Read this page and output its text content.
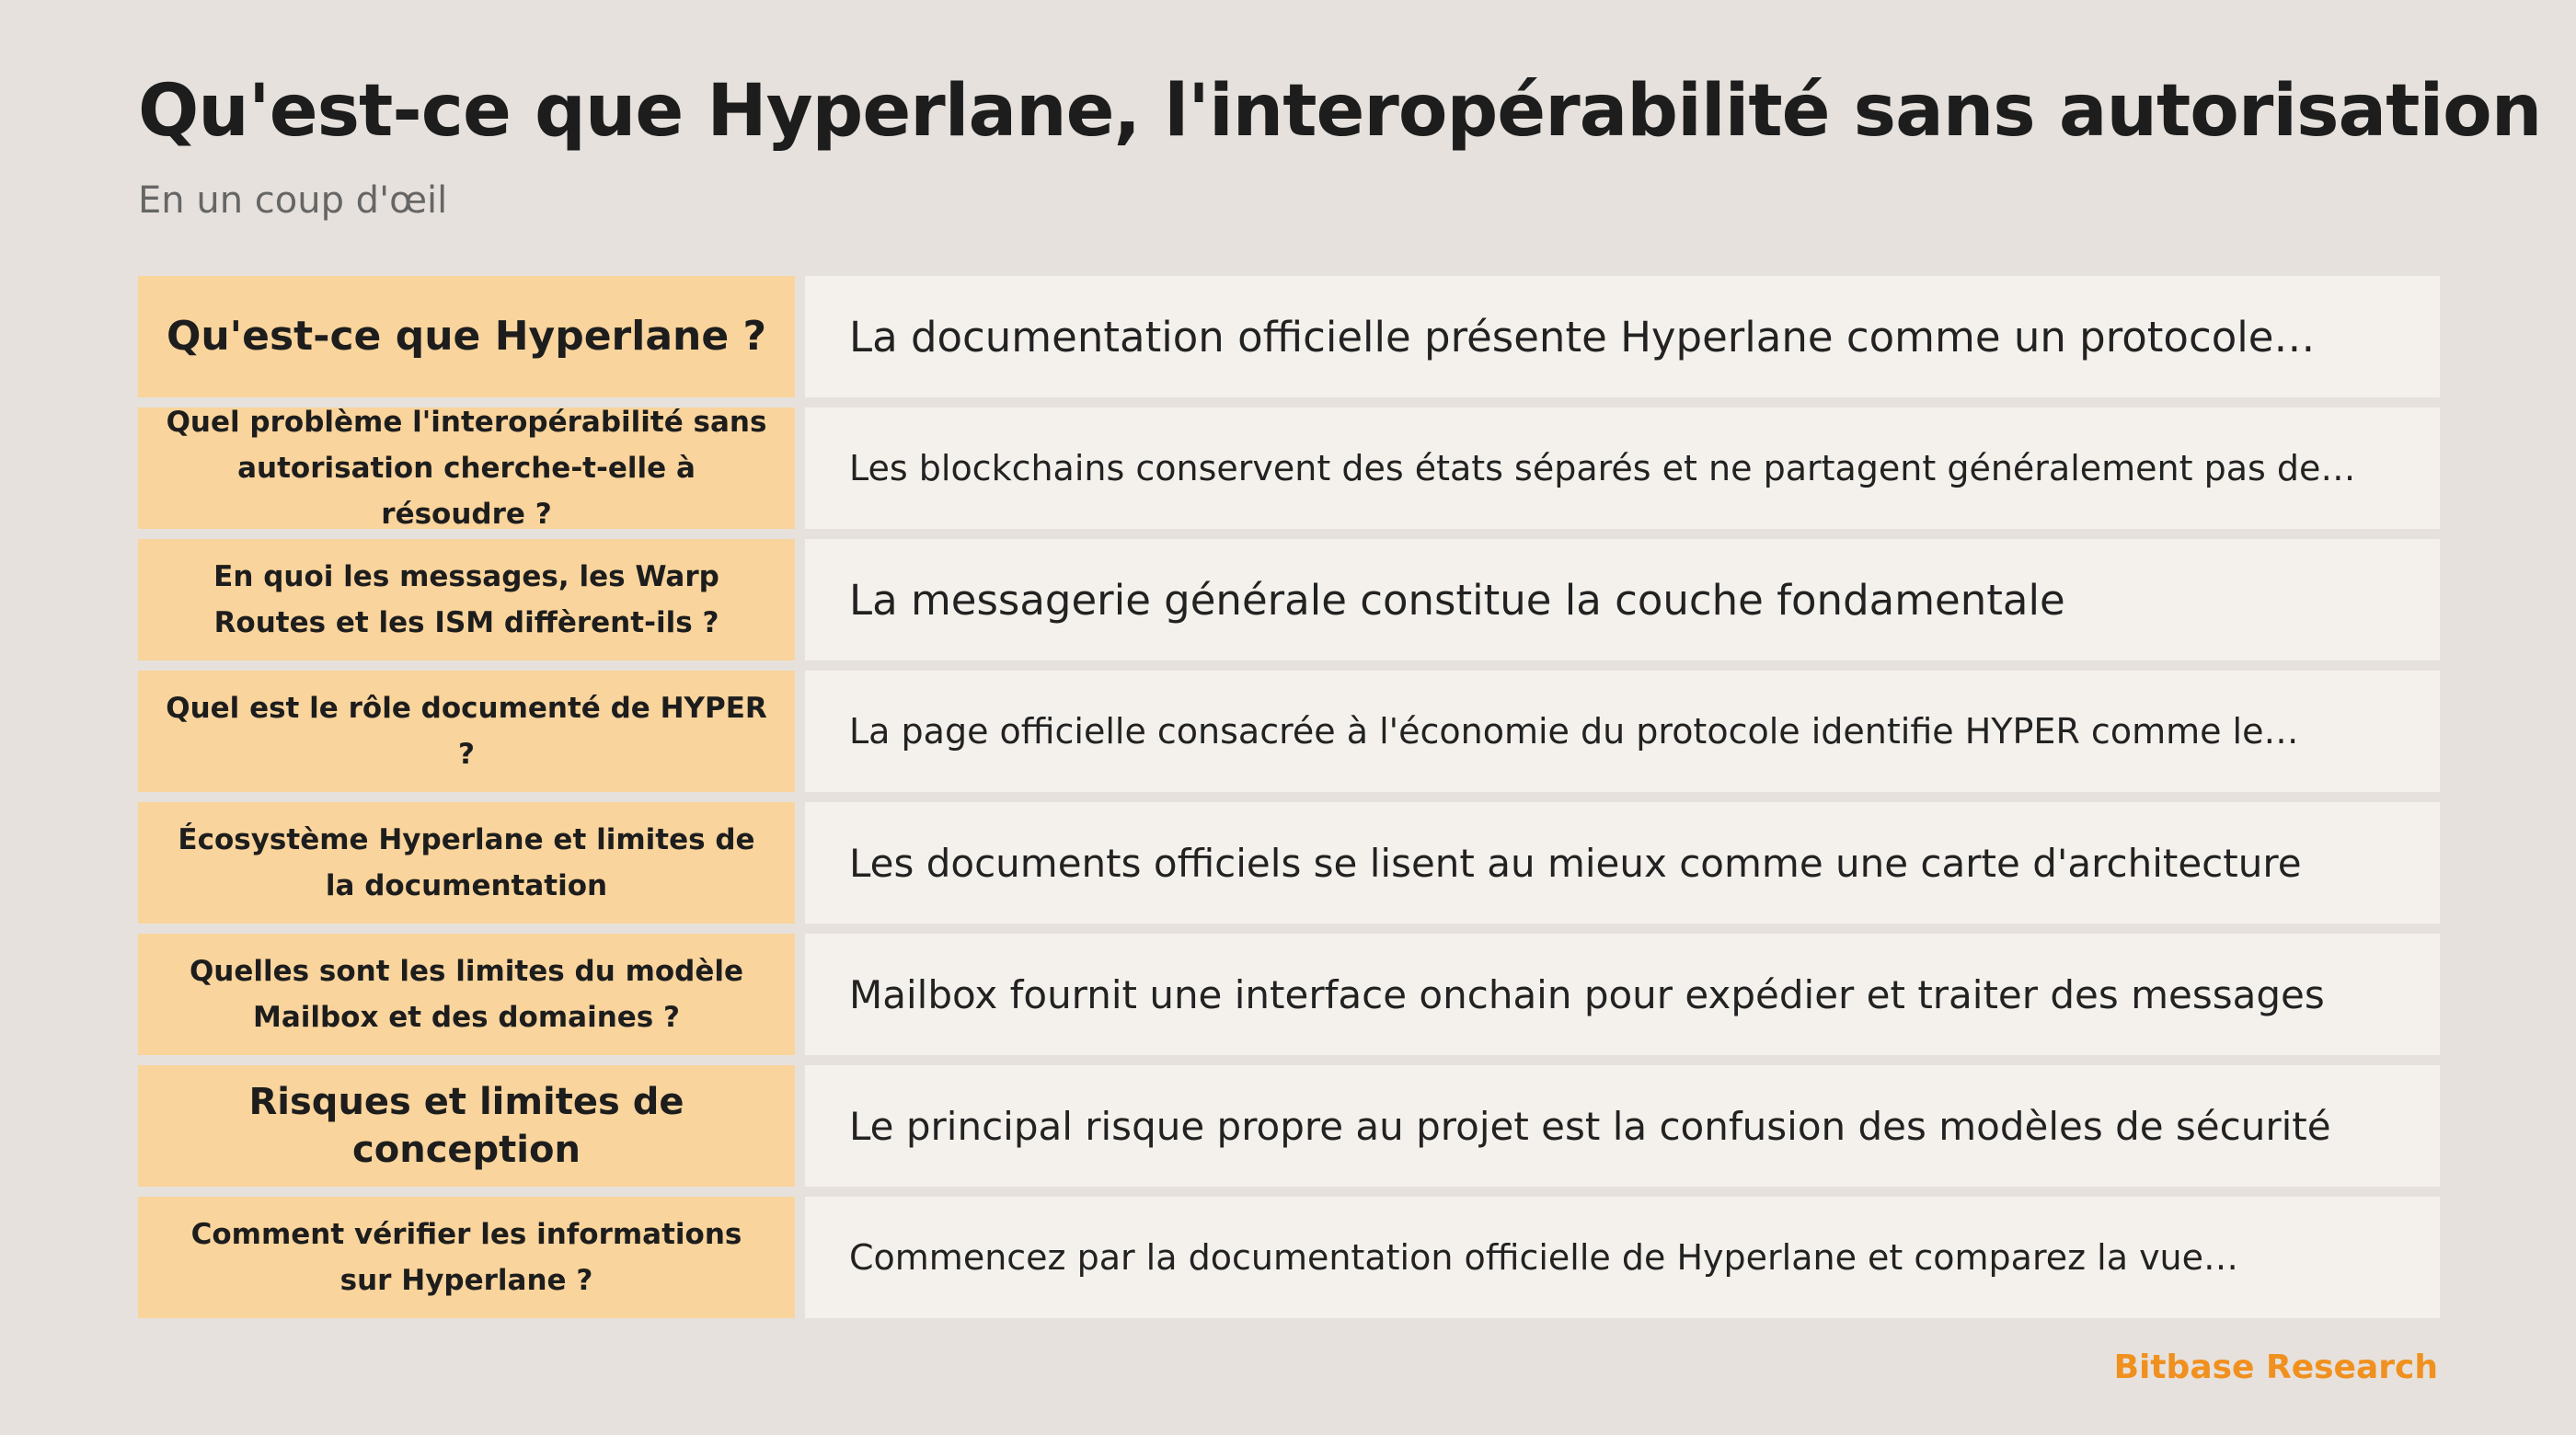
Qu'est-ce que Hyperlane, l'interopérabilité sans autorisation
En un coup d'œil
Qu'est-ce que Hyperlane ?	La documentation officielle présente Hyperlane comme un protocole…
Quel problème l'interopérabilité sans autorisation cherche-t-elle à résoudre ?
Les blockchains conservent des états séparés et ne partagent généralement pas de…
En quoi les messages, les Warp Routes et les ISM diffèrent-ils ?	La messagerie générale constitue la couche fondamentale
Quel est le rôle documenté de HYPER ?
La page officielle consacrée à l'économie du protocole identifie HYPER comme le…
Écosystème Hyperlane et limites de la documentation
Les documents officiels se lisent au mieux comme une carte d'architecture
Quelles sont les limites du modèle Mailbox et des domaines ?
Mailbox fournit une interface onchain pour expédier et traiter des messages
Risques et limites de conception
Le principal risque propre au projet est la confusion des modèles de sécurité
Comment vérifier les informations sur Hyperlane ?
Commencez par la documentation officielle de Hyperlane et comparez la vue…
Bitbase Research
